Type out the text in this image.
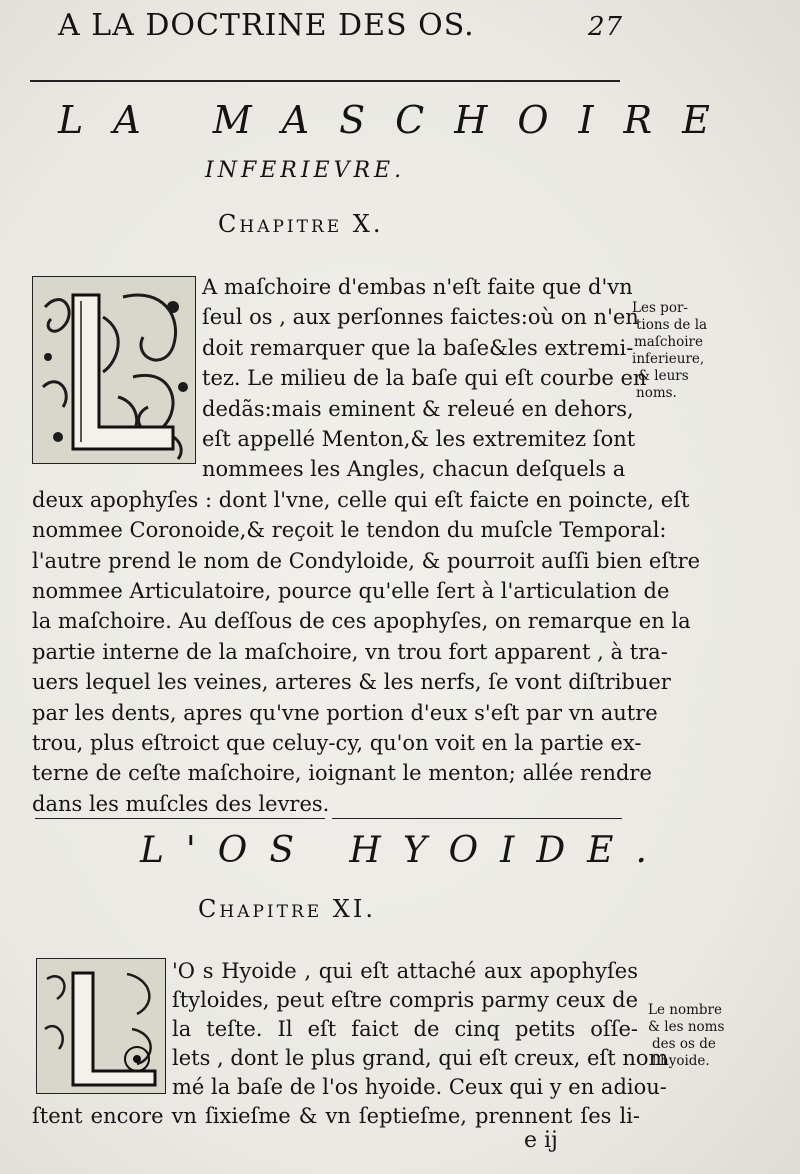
A LA DOCTRINE DES OS.	27
LA MASCHOIRE
INFERIEVRE.
Chapitre X.
A maſchoire d'embas n'eſt faite que d'vn
ſeul os , aux perſonnes faictes:où on n'en
doit remarquer que la baſe&les extremi-
tez. Le milieu de la baſe qui eſt courbe en
dedãs:mais eminent & releué en dehors,
eſt appellé Menton,& les extremitez ſont
nommees les Angles, chacun deſquels a
deux apophyſes : dont l'vne, celle qui eſt faicte en poincte, eſt
nommee Coronoide,& reçoit le tendon du muſcle Temporal:
l'autre prend le nom de Condyloide, & pourroit auſſi bien eſtre
nommee Articulatoire, pource qu'elle ſert à l'articulation de
la maſchoire. Au deſſous de ces apophyſes, on remarque en la
partie interne de la maſchoire, vn trou fort apparent , à tra-
uers lequel les veines, arteres & les nerfs, ſe vont diſtribuer
par les dents, apres qu'vne portion d'eux s'eſt par vn autre
trou, plus eſtroict que celuy-cy, qu'on voit en la partie ex-
terne de ceſte maſchoire, ioignant le menton; allée rendre
dans les muſcles des levres.
Les por-
tions de la
maſchoire
inferieure,
& leurs
noms.
L'OS HYOIDE.
Chapitre XI.
'O s Hyoide , qui eſt attaché aux apophyſes
ſtyloides, peut eſtre compris parmy ceux de
la teſte. Il eſt faict de cinq petits oſſe-
lets , dont le plus grand, qui eſt creux, eſt nom
mé la baſe de l'os hyoide. Ceux qui y en adiou-
ſtent encore vn ſixieſme & vn ſeptieſme, prennent ſes li-
Le nombre
& les noms
des os de
l'hyoide.
e ij
